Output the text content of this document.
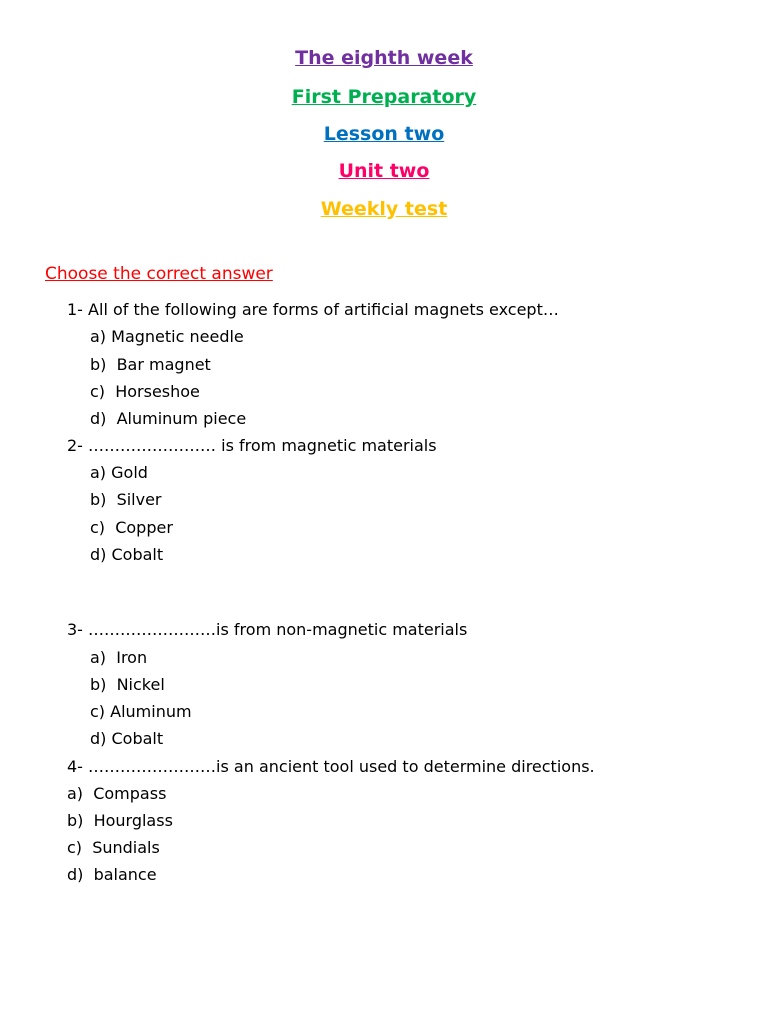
The eighth week
First Preparatory
Lesson two
Unit two
Weekly test

Choose the correct answer

1- All of the following are forms of artificial magnets except…

a) Magnetic needle

b)  Bar magnet

c)  Horseshoe

d)  Aluminum piece

2- …………………… is from magnetic materials

a) Gold

b)  Silver

c)  Copper

d) Cobalt

3- ……………………is from non-magnetic materials

a)  Iron

b)  Nickel

c) Aluminum

d) Cobalt

4- ……………………is an ancient tool used to determine directions.

a)  Compass

b)  Hourglass

c)  Sundials

d)  balance
